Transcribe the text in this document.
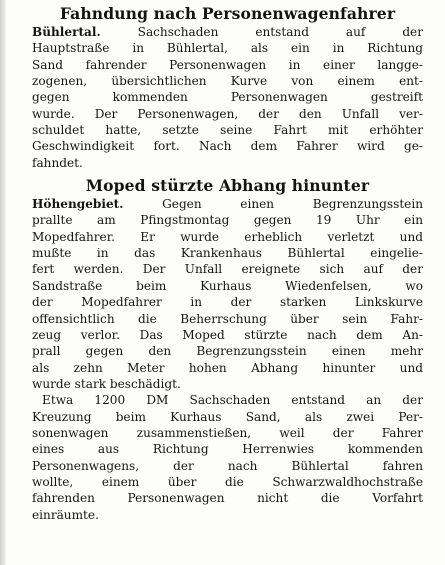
Fahndung nach Personenwagenfahrer
Bühlertal. Sachschaden entstand auf der
Hauptstraße in Bühlertal, als ein in Richtung
Sand fahrender Personenwagen in einer langge-
zogenen, übersichtlichen Kurve von einem ent-
gegen kommenden Personenwagen gestreift
wurde. Der Personenwagen, der den Unfall ver-
schuldet hatte, setzte seine Fahrt mit erhöhter
Geschwindigkeit fort. Nach dem Fahrer wird ge-
fahndet.
Moped stürzte Abhang hinunter
Höhengebiet. Gegen einen Begrenzungsstein
prallte am Pfingstmontag gegen 19 Uhr ein
Mopedfahrer. Er wurde erheblich verletzt und
mußte in das Krankenhaus Bühlertal eingelie-
fert werden. Der Unfall ereignete sich auf der
Sandstraße beim Kurhaus Wiedenfelsen, wo
der Mopedfahrer in der starken Linkskurve
offensichtlich die Beherrschung über sein Fahr-
zeug verlor. Das Moped stürzte nach dem An-
prall gegen den Begrenzungsstein einen mehr
als zehn Meter hohen Abhang hinunter und
wurde stark beschädigt.
Etwa 1200 DM Sachschaden entstand an der
Kreuzung beim Kurhaus Sand, als zwei Per-
sonenwagen zusammenstießen, weil der Fahrer
eines aus Richtung Herrenwies kommenden
Personenwagens, der nach Bühlertal fahren
wollte, einem über die Schwarzwaldhochstraße
fahrenden Personenwagen nicht die Vorfahrt
einräumte.
